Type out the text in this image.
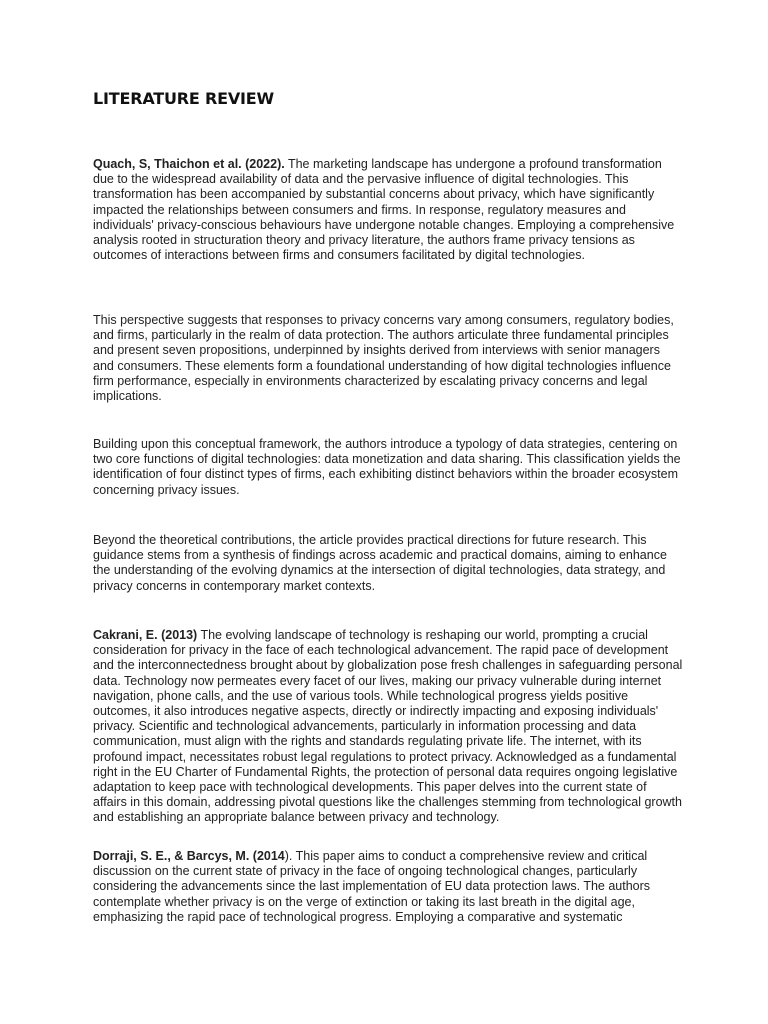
LITERATURE REVIEW

Quach, S, Thaichon et al. (2022). The marketing landscape has undergone a profound transformation due to the widespread availability of data and the pervasive influence of digital technologies. This transformation has been accompanied by substantial concerns about privacy, which have significantly impacted the relationships between consumers and firms. In response, regulatory measures and individuals' privacy-conscious behaviours have undergone notable changes. Employing a comprehensive analysis rooted in structuration theory and privacy literature, the authors frame privacy tensions as outcomes of interactions between firms and consumers facilitated by digital technologies.

This perspective suggests that responses to privacy concerns vary among consumers, regulatory bodies, and firms, particularly in the realm of data protection. The authors articulate three fundamental principles and present seven propositions, underpinned by insights derived from interviews with senior managers and consumers. These elements form a foundational understanding of how digital technologies influence firm performance, especially in environments characterized by escalating privacy concerns and legal implications.

Building upon this conceptual framework, the authors introduce a typology of data strategies, centering on two core functions of digital technologies: data monetization and data sharing. This classification yields the identification of four distinct types of firms, each exhibiting distinct behaviors within the broader ecosystem concerning privacy issues.

Beyond the theoretical contributions, the article provides practical directions for future research. This guidance stems from a synthesis of findings across academic and practical domains, aiming to enhance the understanding of the evolving dynamics at the intersection of digital technologies, data strategy, and privacy concerns in contemporary market contexts.

Cakrani, E. (2013) The evolving landscape of technology is reshaping our world, prompting a crucial consideration for privacy in the face of each technological advancement. The rapid pace of development and the interconnectedness brought about by globalization pose fresh challenges in safeguarding personal data. Technology now permeates every facet of our lives, making our privacy vulnerable during internet navigation, phone calls, and the use of various tools. While technological progress yields positive outcomes, it also introduces negative aspects, directly or indirectly impacting and exposing individuals' privacy. Scientific and technological advancements, particularly in information processing and data communication, must align with the rights and standards regulating private life. The internet, with its profound impact, necessitates robust legal regulations to protect privacy. Acknowledged as a fundamental right in the EU Charter of Fundamental Rights, the protection of personal data requires ongoing legislative adaptation to keep pace with technological developments. This paper delves into the current state of affairs in this domain, addressing pivotal questions like the challenges stemming from technological growth and establishing an appropriate balance between privacy and technology.

Dorraji, S. E., & Barcys, M. (2014). This paper aims to conduct a comprehensive review and critical discussion on the current state of privacy in the face of ongoing technological changes, particularly considering the advancements since the last implementation of EU data protection laws. The authors contemplate whether privacy is on the verge of extinction or taking its last breath in the digital age, emphasizing the rapid pace of technological progress. Employing a comparative and systematic
